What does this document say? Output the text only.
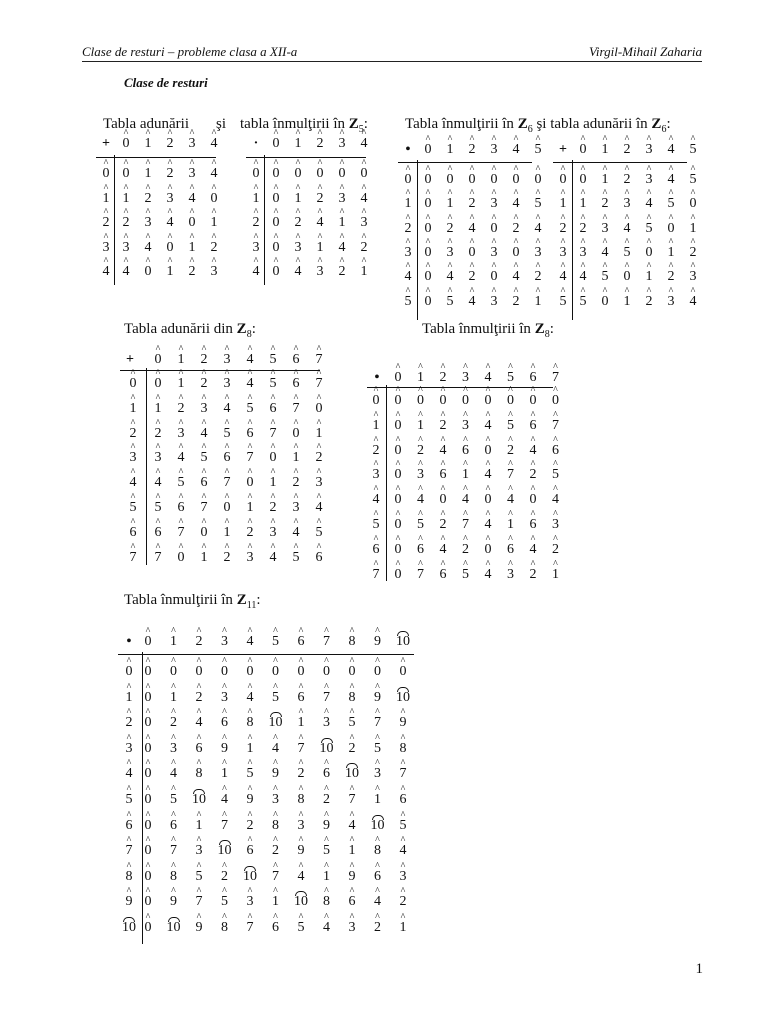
Clase de resturi – probleme clasa a XII-a	Virgil-Mihail Zaharia
Clase de resturi
Tabla adunării şi tabla înmulţirii în $Z_5$: Tabla înmulţirii în $Z_6$ şi tabla adunării în $Z_6$:
Tabla adunării din $Z_8$:	Tabla înmulţirii în $Z_8$:
Tabla înmulţirii în $Z_{11}$:
+ ^ 0 ^ 1 ^ 2 ^ 3 ^ 4
^ 0 ^ 0 ^ 1 ^ 2 ^ 3 ^ 4
^ 1 ^ 1 ^ 2 ^ 3 ^ 4 ^ 0
^ 2 ^ 2 ^ 3 ^ 4 ^ 0 ^ 1
^ 3 ^ 3 ^ 4 ^ 0 ^ 1 ^ 2
^ 4 ^ 4 ^ 0 ^ 1 ^ 2 ^ 3
· ^ 0 ^ 1 ^ 2 ^ 3 ^ 4
^ 0 ^ 0 ^ 0 ^ 0 ^ 0 ^ 0
^ 1 ^ 0 ^ 1 ^ 2 ^ 3 ^ 4
^ 2 ^ 0 ^ 2 ^ 4 ^ 1 ^ 3
^ 3 ^ 0 ^ 3 ^ 1 ^ 4 ^ 2
^ 4 ^ 0 ^ 4 ^ 3 ^ 2 ^ 1
• ^ 0 ^ 1 ^ 2 ^ 3 ^ 4 ^ 5
^ 0 ^ 0 ^ 0 ^ 0 ^ 0 ^ 0 ^ 0
^ 1 ^ 0 ^ 1 ^ 2 ^ 3 ^ 4 ^ 5
^ 2 ^ 0 ^ 2 ^ 4 ^ 0 ^ 2 ^ 4
^ 3 ^ 0 ^ 3 ^ 0 ^ 3 ^ 0 ^ 3
^ 4 ^ 0 ^ 4 ^ 2 ^ 0 ^ 4 ^ 2
^ 5 ^ 0 ^ 5 ^ 4 ^ 3 ^ 2 ^ 1
+ ^ 0 ^ 1 ^ 2 ^ 3 ^ 4 ^ 5
^ 0 ^ 0 ^ 1 ^ 2 ^ 3 ^ 4 ^ 5
^ 1 ^ 1 ^ 2 ^ 3 ^ 4 ^ 5 ^ 0
^ 2 ^ 2 ^ 3 ^ 4 ^ 5 ^ 0 ^ 1
^ 3 ^ 3 ^ 4 ^ 5 ^ 0 ^ 1 ^ 2
^ 4 ^ 4 ^ 5 ^ 0 ^ 1 ^ 2 ^ 3
^ 5 ^ 5 ^ 0 ^ 1 ^ 2 ^ 3 ^ 4
+ ^ 0 ^ 1 ^ 2 ^ 3 ^ 4 ^ 5 ^ 6 ^ 7
^ 0 ^ 0 ^ 1 ^ 2 ^ 3 ^ 4 ^ 5 ^ 6 ^ 7
^ 1 ^ 1 ^ 2 ^ 3 ^ 4 ^ 5 ^ 6 ^ 7 ^ 0
^ 2 ^ 2 ^ 3 ^ 4 ^ 5 ^ 6 ^ 7 ^ 0 ^ 1
^ 3 ^ 3 ^ 4 ^ 5 ^ 6 ^ 7 ^ 0 ^ 1 ^ 2
^ 4 ^ 4 ^ 5 ^ 6 ^ 7 ^ 0 ^ 1 ^ 2 ^ 3
^ 5 ^ 5 ^ 6 ^ 7 ^ 0 ^ 1 ^ 2 ^ 3 ^ 4
^ 6 ^ 6 ^ 7 ^ 0 ^ 1 ^ 2 ^ 3 ^ 4 ^ 5
^ 7 ^ 7 ^ 0 ^ 1 ^ 2 ^ 3 ^ 4 ^ 5 ^ 6
• ^ 0 ^ 1 ^ 2 ^ 3 ^ 4 ^ 5 ^ 6 ^ 7
^ 0 ^ 0 ^ 0 ^ 0 ^ 0 ^ 0 ^ 0 ^ 0 ^ 0
^ 1 ^ 0 ^ 1 ^ 2 ^ 3 ^ 4 ^ 5 ^ 6 ^ 7
^ 2 ^ 0 ^ 2 ^ 4 ^ 6 ^ 0 ^ 2 ^ 4 ^ 6
^ 3 ^ 0 ^ 3 ^ 6 ^ 1 ^ 4 ^ 7 ^ 2 ^ 5
^ 4 ^ 0 ^ 4 ^ 0 ^ 4 ^ 0 ^ 4 ^ 0 ^ 4
^ 5 ^ 0 ^ 5 ^ 2 ^ 7 ^ 4 ^ 1 ^ 6 ^ 3
^ 6 ^ 0 ^ 6 ^ 4 ^ 2 ^ 0 ^ 6 ^ 4 ^ 2
^ 7 ^ 0 ^ 7 ^ 6 ^ 5 ^ 4 ^ 3 ^ 2 ^ 1
• ^ 0 ^ 1 ^ 2 ^ 3 ^ 4 ^ 5 ^ 6 ^ 7 ^ 8 ^ 9 10
^ 0 ^ 0 ^ 0 ^ 0 ^ 0 ^ 0 ^ 0 ^ 0 ^ 0 ^ 0 ^ 0 ^ 0
^ 1 ^ 0 ^ 1 ^ 2 ^ 3 ^ 4 ^ 5 ^ 6 ^ 7 ^ 8 ^ 9 10
^ 2 ^ 0 ^ 2 ^ 4 ^ 6 ^ 8 10 ^ 1 ^ 3 ^ 5 ^ 7 ^ 9
^ 3 ^ 0 ^ 3 ^ 6 ^ 9 ^ 1 ^ 4 ^ 7 10 ^ 2 ^ 5 ^ 8
^ 4 ^ 0 ^ 4 ^ 8 ^ 1 ^ 5 ^ 9 ^ 2 ^ 6 10 ^ 3 ^ 7
^ 5 ^ 0 ^ 5 10 ^ 4 ^ 9 ^ 3 ^ 8 ^ 2 ^ 7 ^ 1 ^ 6
^ 6 ^ 0 ^ 6 ^ 1 ^ 7 ^ 2 ^ 8 ^ 3 ^ 9 ^ 4 10 ^ 5
^ 7 ^ 0 ^ 7 ^ 3 10 ^ 6 ^ 2 ^ 9 ^ 5 ^ 1 ^ 8 ^ 4
^ 8 ^ 0 ^ 8 ^ 5 ^ 2 10 ^ 7 ^ 4 ^ 1 ^ 9 ^ 6 ^ 3
^ 9 ^ 0 ^ 9 ^ 7 ^ 5 ^ 3 ^ 1 10 ^ 8 ^ 6 ^ 4 ^ 2
10 ^ 0 10 ^ 9 ^ 8 ^ 7 ^ 6 ^ 5 ^ 4 ^ 3 ^ 2 ^ 1
1
